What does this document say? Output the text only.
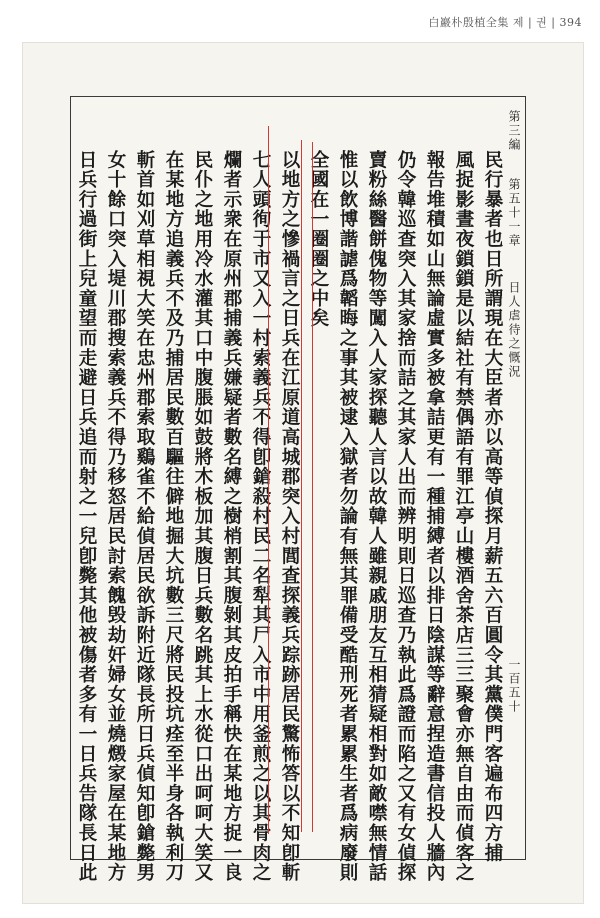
白巖朴殷植全集 제 | 권 | 394
第三編  第五十一章  日人虐待之慨況
一百五十
民行暴者也日所謂現在大臣者亦以高等偵探月薪五六百圓令其黨僕門客遍布四方捕
風捉影晝夜鎖鎖是以結社有禁偶語有罪江亭山樓酒舍茶店三三聚會亦無自由而偵客之
報告堆積如山無論虛實多被拿詰更有一種捕縛者以排日陰謀等辭意捏造書信投人牆內
仍令韓巡查突入其家捨而詰之其家人出而辨明則日巡查乃執此爲證而陷之又有女偵探
賣粉絲醫餅傀物等闖入人家探聽人言以故韓人雖親戚朋友互相猜疑相對如敵噤無情話
惟以飲博諧謔爲韜晦之事其被逮入獄者勿論有無其罪備受酷刑死者累累生者爲病廢則
全國在一圈圈之中矣
以地方之慘禍言之日兵在江原道高城郡突入村閭査探義兵踪跡居民驚怖答以不知卽斬
七人頭徇于市又入一村索義兵不得卽鎗殺村民二名犁其尸入市中用釜煎之以其骨肉之
爛者示衆在原州郡捕義兵嫌疑者數名縛之樹梢割其腹剝其皮拍手稱快在某地方捉一良
民仆之地用冷水灌其口中腹脹如鼓將木板加其腹日兵數名跳其上水從口出呵呵大笑又
在某地方追義兵不及乃捕居民數百驅往僻地掘大坑數三尺將民投坑痊至半身各執利刀
斬首如刈草相視大笑在忠州郡索取鷄雀不給偵居民欲訴附近隊長所日兵偵知卽鎗斃男
女十餘口突入堤川郡搜索義兵不得乃移怒居民討索餽毁劫奸婦女並燒燬家屋在某地方
日兵行過街上兒童望而走避日兵追而射之一兒卽斃其他被傷者多有一日兵告隊長日此
